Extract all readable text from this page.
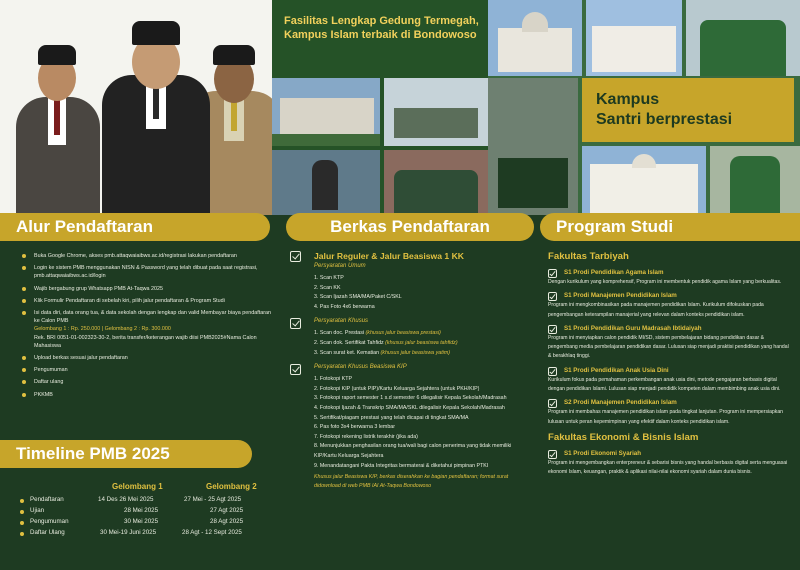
Fasilitas Lengkap Gedung Termegah, Kampus Islam terbaik di Bondowoso
Kampus
Santri berprestasi
Alur Pendaftaran	Berkas Pendaftaran	Program Studi
Buka Google Chrome, akses pmb.attaqwaiaibws.ac.id/registrasi lakukan pendaftaran
Login ke sistem PMB menggunakan NISN & Password yang telah dibuat pada saat registrasi, pmb.attaqwaiaibws.ac.id/login
Wajib bergabung grup Whatsapp PMB At-Taqwa 2025
Klik Formulir Pendaftaran di sebelah kiri, pilih jalur pendaftaran & Program Studi
Isi data diri, data orang tua, & data sekolah dengan lengkap dan valid Membayar biaya pendaftaran ke Calon PMB
Gelombang 1 : Rp. 250.000 | Gelombang 2 : Rp. 300.000
Rek. BRI 0051-01-002323-30-2, berita transfer/keterangan wajib diisi PMB2025#Nama Calon Mahasiswa
Upload berkas sesuai jalur pendaftaran
Pengumuman
Daftar ulang
PKKMB
Timeline PMB 2025
Gelombang 1	Gelombang 2
Pendaftaran	14 Des 26 Mei 2025	27 Mei - 25 Agt 2025
Ujian	28 Mei 2025	27 Agt 2025
Pengumuman	30 Mei 2025	28 Agt 2025
Daftar Ulang	30 Mei-19 Juni 2025	28 Agt - 12 Sept 2025
Jalur Reguler & Jalur Beasiswa 1 KK
Persyaratan Umum
1. Scan KTP
2. Scan KK
3. Scan Ijazah SMA/MA/Paket C/SKL
4. Pas Foto 4x6 berwarna
Persyaratan Khusus
1. Scan doc. Prestasi (khusus jalur beasiswa prestasi)
2. Scan dok. Sertifikat Tahfidz (khusus jalur beasiswa tahfidz)
3. Scan surat ket. Kematian (khusus jalur beasiswa yatim)
Persyaratan Khusus Beasiswa KIP
1. Fotokopi KTP
2. Fotokopi KIP (untuk PIP)/Kartu Keluarga Sejahtera (untuk PKH/KIP)
3. Fotokopi raport semester 1 s.d semester 6 dilegalisir Kepala Sekolah/Madrasah
4. Fotokopi Ijazah & Transkrip SMA/MA/SKL dilegalisir Kepala Sekolah/Madrasah
5. Sertifikat/piagam prestasi yang telah dicapai di tingkat SMA/MA
6. Pas foto 3x4 berwarna 3 lembar
7. Fotokopi rekening listrik terakhir (jika ada)
8. Menunjukkan penghasilan orang tua/wali bagi calon penerima yang tidak memiliki KIP/Kartu Keluarga Sejahtera
9. Menandatangani Pakta Integritas bermaterai & diketahui pimpinan PTKI
Khusus jalur Beasiswa KIP, berkas diserahkan ke bagian pendaftaran; format surat didownload di web PMB IAI At-Taqwa Bondowoso
Fakultas Tarbiyah
S1 Prodi Pendidikan Agama Islam
Dengan kurikulum yang komprehensif, Program ini membentuk pendidik agama Islam yang berkualitas.
S1 Prodi Manajemen Pendidikan Islam
Program ini mengkombinasikan pada manajemen pendidikan Islam. Kurikulum difokuskan pada pengembangan keterampilan manajerial yang relevan dalam konteks pendidikan islam.
S1 Prodi Pendidikan Guru Madrasah Ibtidaiyah
Program ini menyiapkan calon pendidik MI/SD, sistem pembelajaran bidang pendidikan dasar & pengembang media pembelajaran pendidikan dasar. Lulusan siap menjadi praktisi pendidikan yang handal & berakhlaq tinggi.
S1 Prodi Pendidikan Anak Usia Dini
Kurikulum fokus pada pemahaman perkembangan anak usia dini, metode pengajaran berbasis digital dengan pendidikan Islami. Lulusan siap menjadi pendidik kompeten dalam membimbing anak usia dini.
S2 Prodi Manajemen Pendidikan Islam
Program ini membahas manajemen pendidikan islam pada tingkat lanjutan. Program ini mempersiapkan lulusan untuk peran kepemimpinan yang efektif dalam konteks pendidikan islam.
Fakultas Ekonomi & Bisnis Islam
S1 Prodi Ekonomi Syariah
Program ini mengembangkan enterpreneur & sebarisi bisnis yang handal berbasis digital serta menguasai ekonomi Islam, keuangan, praktik & aplikasi nilai-nilai ekonomi syariah dalam dunia bisnis.
